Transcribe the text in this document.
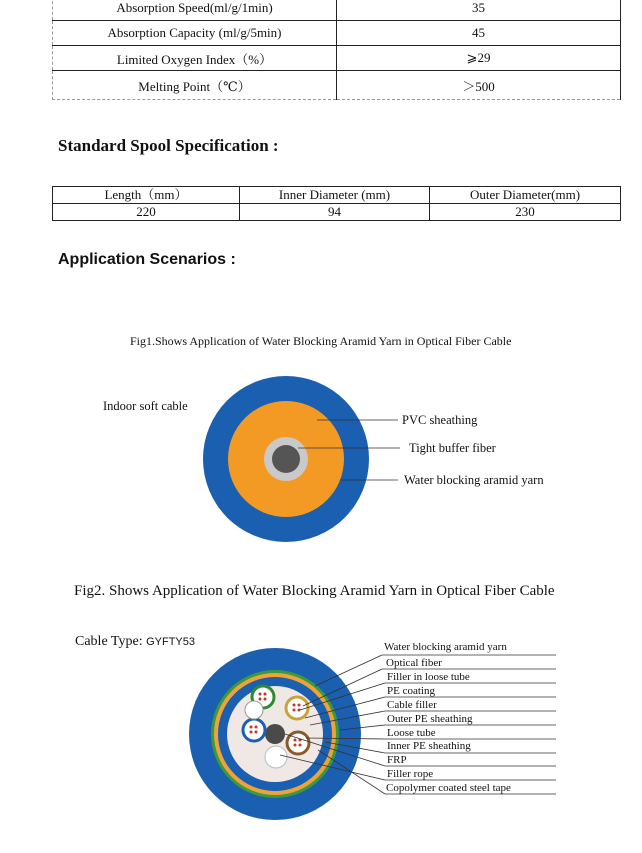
Absorption Speed(ml/g/1min)	35
Absorption Capacity (ml/g/5min)	45
Limited Oxygen Index（%）	⩾29
Melting Point（℃）	＞500
Standard Spool Specification :
Length（mm）	Inner Diameter (mm)	Outer Diameter(mm)
220	94	230
Application Scenarios :
Fig1.Shows Application of Water Blocking Aramid Yarn in Optical Fiber Cable
Indoor soft cable
PVC sheathing
Tight buffer fiber
Water blocking aramid yarn
Fig2. Shows Application of Water Blocking Aramid Yarn in Optical Fiber Cable
Cable Type: GYFTY53	Water blocking aramid yarn
Optical fiber
Filler in loose tube
PE coating
Cable filler
Outer PE sheathing
Loose tube
Inner PE sheathing
FRP
Filler rope
Copolymer coated steel tape
